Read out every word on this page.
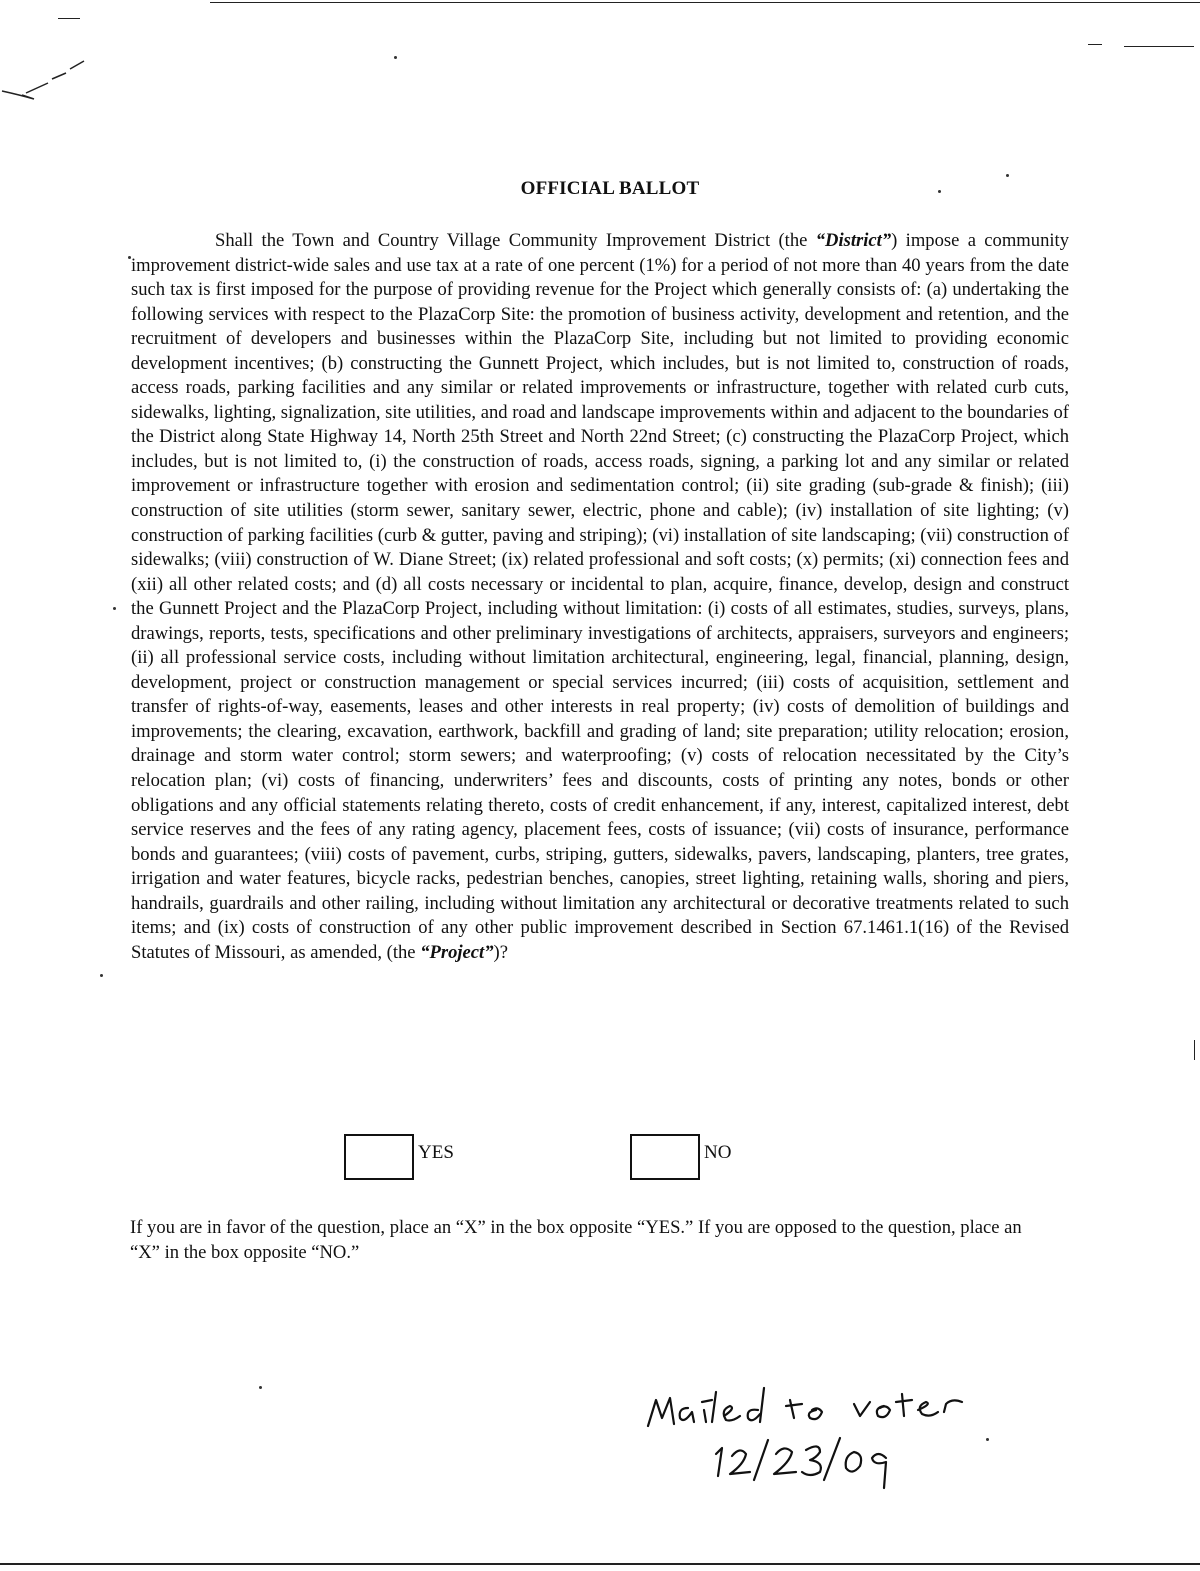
OFFICIAL BALLOT

Shall the Town and Country Village Community Improvement District (the “District”) impose a community improvement district-wide sales and use tax at a rate of one percent (1%) for a period of not more than 40 years from the date such tax is first imposed for the purpose of providing revenue for the Project which generally consists of: (a) undertaking the following services with respect to the PlazaCorp Site: the promotion of business activity, development and retention, and the recruitment of developers and businesses within the PlazaCorp Site, including but not limited to providing economic development incentives; (b) constructing the Gunnett Project, which includes, but is not limited to, construction of roads, access roads, parking facilities and any similar or related improvements or infrastructure, together with related curb cuts, sidewalks, lighting, signalization, site utilities, and road and landscape improvements within and adjacent to the boundaries of the District along State Highway 14, North 25th Street and North 22nd Street; (c) constructing the PlazaCorp Project, which includes, but is not limited to, (i) the construction of roads, access roads, signing, a parking lot and any similar or related improvement or infrastructure together with erosion and sedimentation control; (ii) site grading (sub-grade & finish); (iii) construction of site utilities (storm sewer, sanitary sewer, electric, phone and cable); (iv) installation of site lighting; (v) construction of parking facilities (curb & gutter, paving and striping); (vi) installation of site landscaping; (vii) construction of sidewalks; (viii) construction of W. Diane Street; (ix) related professional and soft costs; (x) permits; (xi) connection fees and (xii) all other related costs; and (d) all costs necessary or incidental to plan, acquire, finance, develop, design and construct the Gunnett Project and the PlazaCorp Project, including without limitation: (i) costs of all estimates, studies, surveys, plans, drawings, reports, tests, specifications and other preliminary investigations of architects, appraisers, surveyors and engineers; (ii) all professional service costs, including without limitation architectural, engineering, legal, financial, planning, design, development, project or construction management or special services incurred; (iii) costs of acquisition, settlement and transfer of rights-of-way, easements, leases and other interests in real property; (iv) costs of demolition of buildings and improvements; the clearing, excavation, earthwork, backfill and grading of land; site preparation; utility relocation; erosion, drainage and storm water control; storm sewers; and waterproofing; (v) costs of relocation necessitated by the City’s relocation plan; (vi) costs of financing, underwriters’ fees and discounts, costs of printing any notes, bonds or other obligations and any official statements relating thereto, costs of credit enhancement, if any, interest, capitalized interest, debt service reserves and the fees of any rating agency, placement fees, costs of issuance; (vii) costs of insurance, performance bonds and guarantees; (viii) costs of pavement, curbs, striping, gutters, sidewalks, pavers, landscaping, planters, tree grates, irrigation and water features, bicycle racks, pedestrian benches, canopies, street lighting, retaining walls, shoring and piers, handrails, guardrails and other railing, including without limitation any architectural or decorative treatments related to such items; and (ix) costs of construction of any other public improvement described in Section 67.1461.1(16) of the Revised Statutes of Missouri, as amended, (the “Project”)?

YES	NO

If you are in favor of the question, place an “X” in the box opposite “YES.” If you are opposed to the question, place an “X” in the box opposite “NO.”
